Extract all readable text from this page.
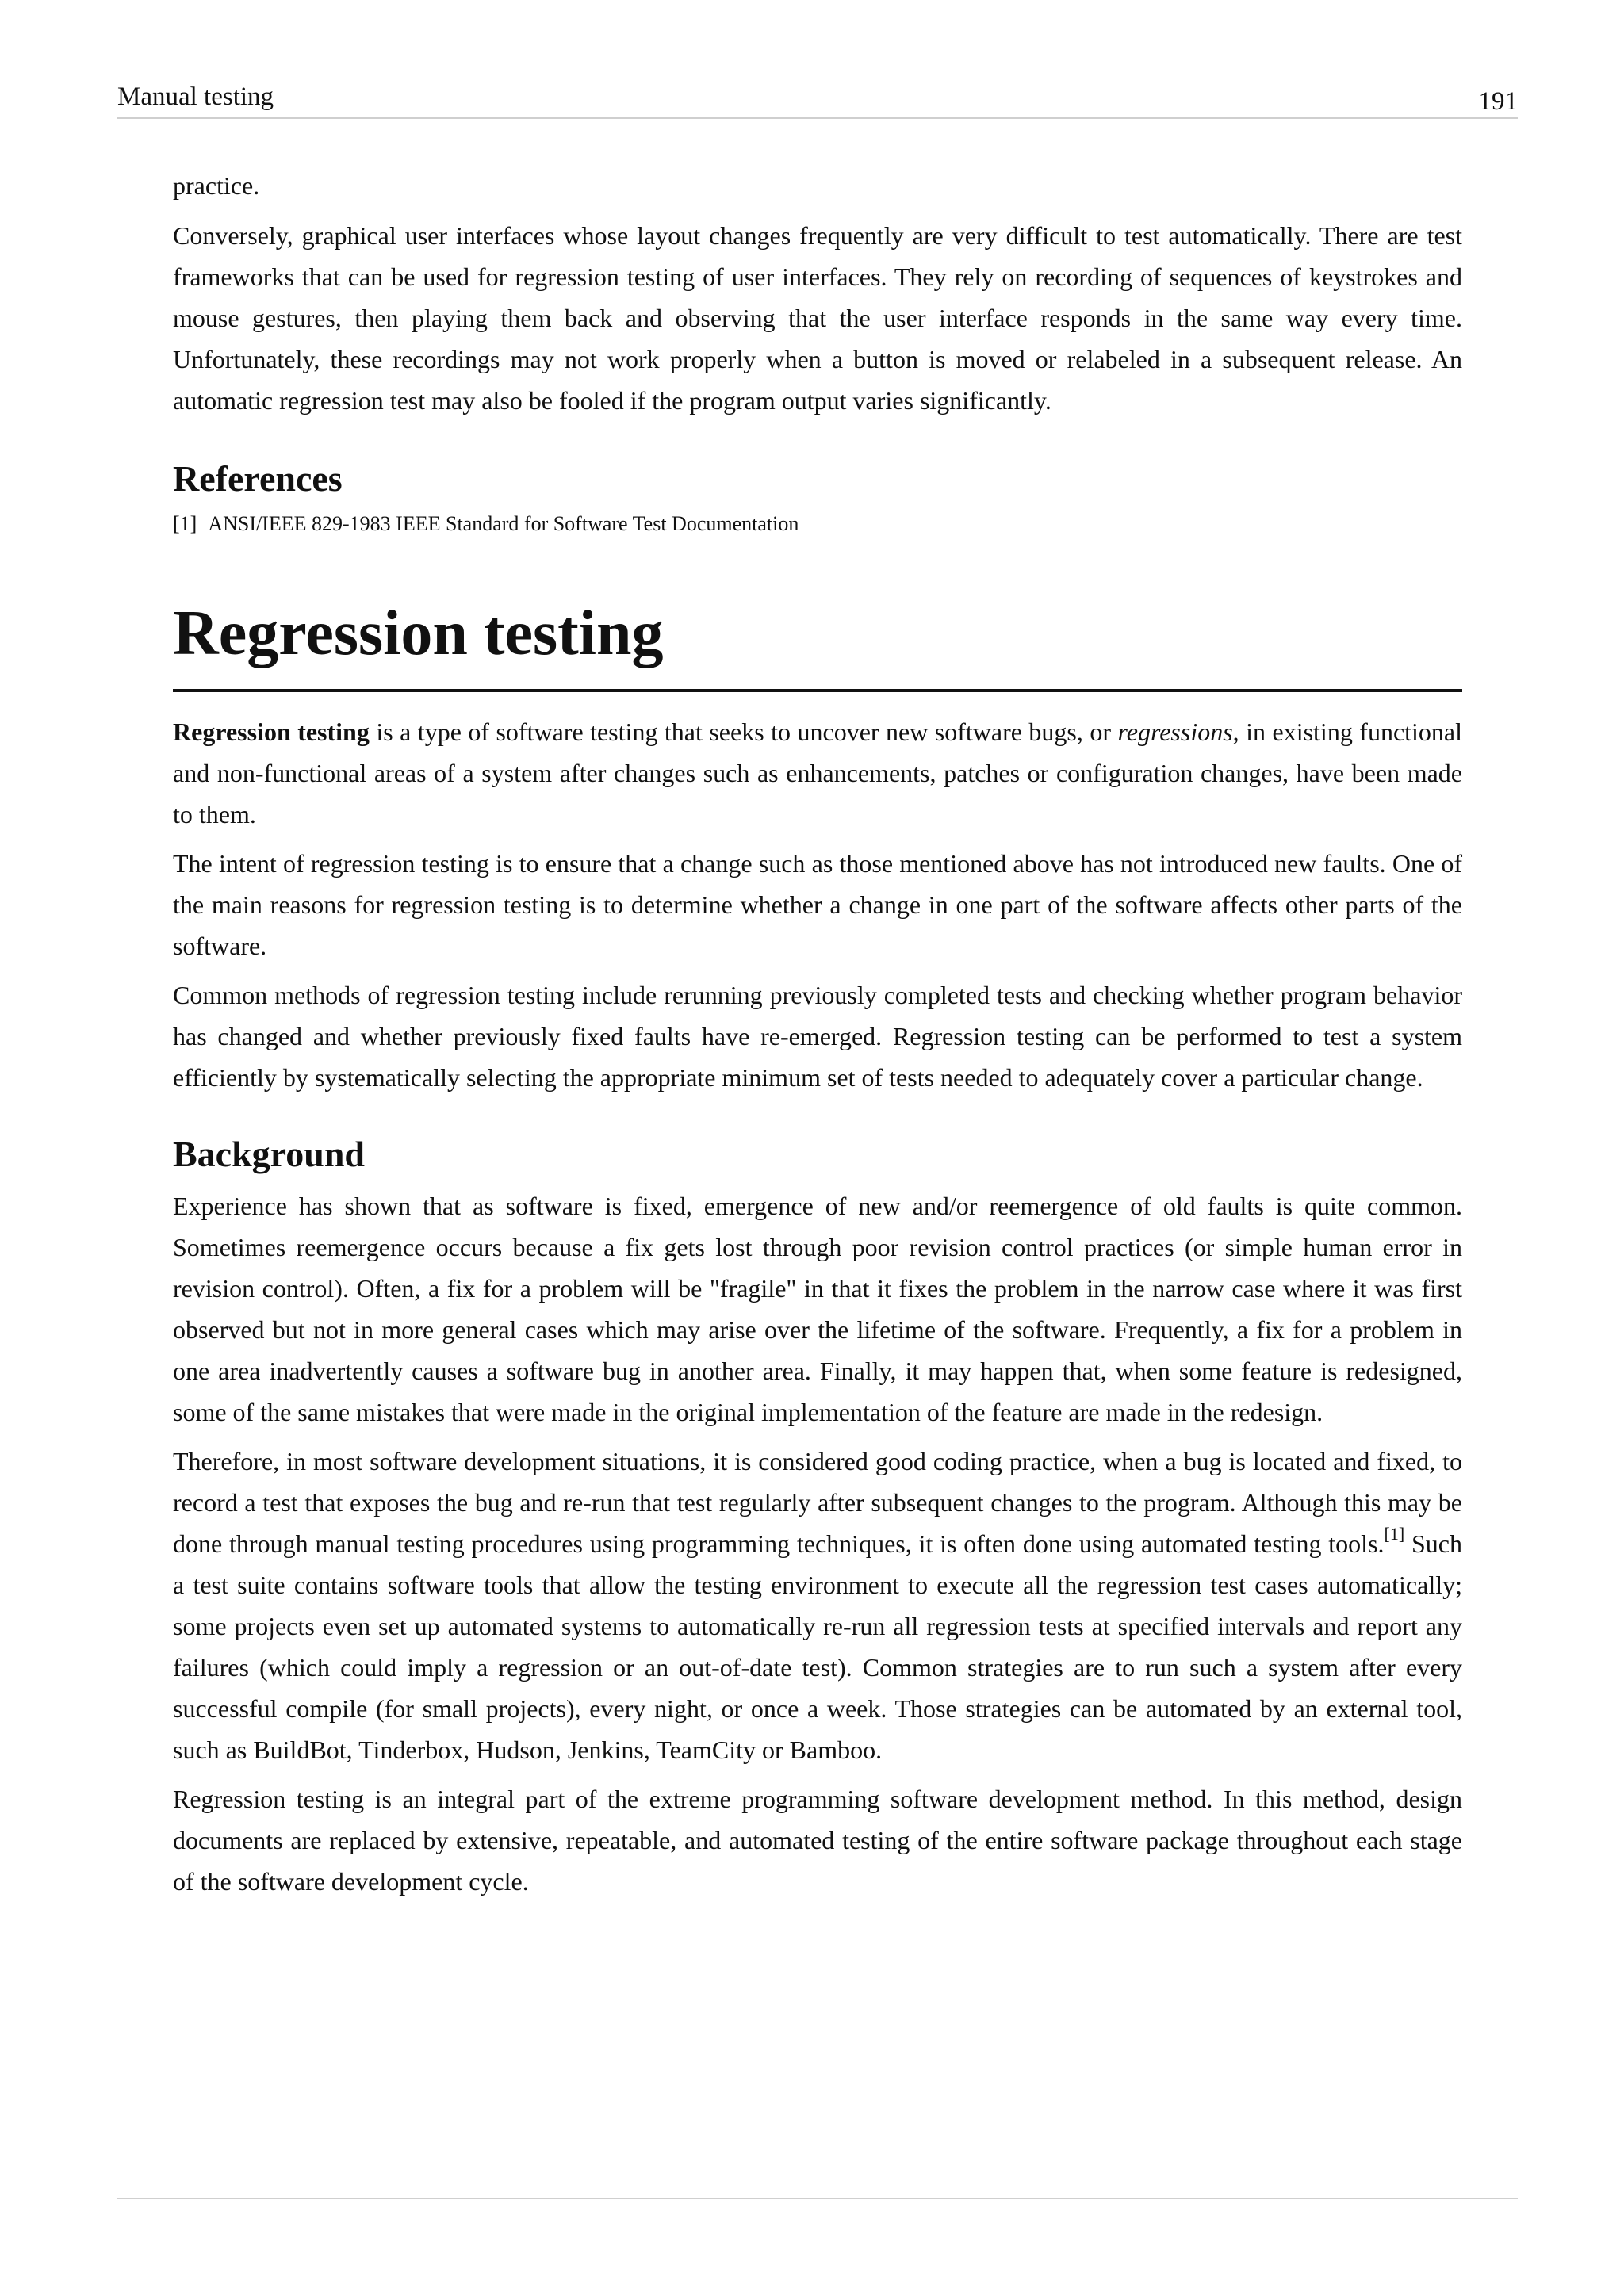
Manual testing	191

practice.

Conversely, graphical user interfaces whose layout changes frequently are very difficult to test automatically. There are test frameworks that can be used for regression testing of user interfaces. They rely on recording of sequences of keystrokes and mouse gestures, then playing them back and observing that the user interface responds in the same way every time. Unfortunately, these recordings may not work properly when a button is moved or relabeled in a subsequent release. An automatic regression test may also be fooled if the program output varies significantly.

References
[1] ANSI/IEEE 829-1983 IEEE Standard for Software Test Documentation
Regression testing

Regression testing is a type of software testing that seeks to uncover new software bugs, or regressions, in existing functional and non-functional areas of a system after changes such as enhancements, patches or configuration changes, have been made to them.

The intent of regression testing is to ensure that a change such as those mentioned above has not introduced new faults. One of the main reasons for regression testing is to determine whether a change in one part of the software affects other parts of the software.

Common methods of regression testing include rerunning previously completed tests and checking whether program behavior has changed and whether previously fixed faults have re-emerged. Regression testing can be performed to test a system efficiently by systematically selecting the appropriate minimum set of tests needed to adequately cover a particular change.

Background

Experience has shown that as software is fixed, emergence of new and/or reemergence of old faults is quite common. Sometimes reemergence occurs because a fix gets lost through poor revision control practices (or simple human error in revision control). Often, a fix for a problem will be "fragile" in that it fixes the problem in the narrow case where it was first observed but not in more general cases which may arise over the lifetime of the software. Frequently, a fix for a problem in one area inadvertently causes a software bug in another area. Finally, it may happen that, when some feature is redesigned, some of the same mistakes that were made in the original implementation of the feature are made in the redesign.

Therefore, in most software development situations, it is considered good coding practice, when a bug is located and fixed, to record a test that exposes the bug and re-run that test regularly after subsequent changes to the program. Although this may be done through manual testing procedures using programming techniques, it is often done using automated testing tools.[1] Such a test suite contains software tools that allow the testing environment to execute all the regression test cases automatically; some projects even set up automated systems to automatically re-run all regression tests at specified intervals and report any failures (which could imply a regression or an out-of-date test). Common strategies are to run such a system after every successful compile (for small projects), every night, or once a week. Those strategies can be automated by an external tool, such as BuildBot, Tinderbox, Hudson, Jenkins, TeamCity or Bamboo.

Regression testing is an integral part of the extreme programming software development method. In this method, design documents are replaced by extensive, repeatable, and automated testing of the entire software package throughout each stage of the software development cycle.
